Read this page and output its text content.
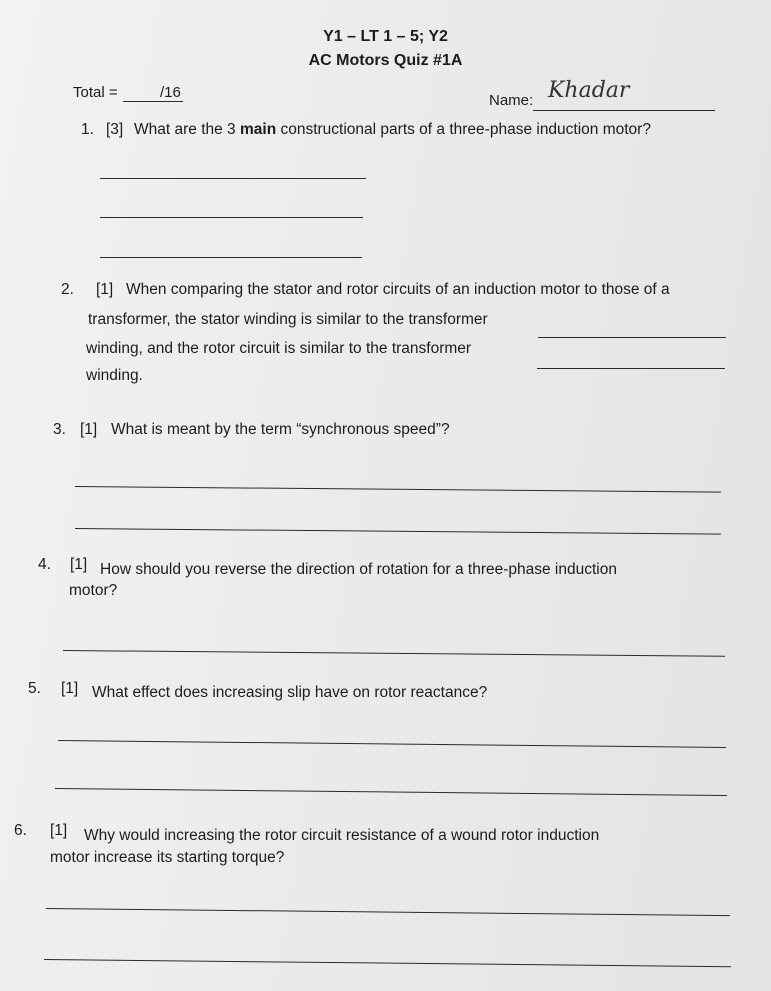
Y1 – LT 1 – 5; Y2
AC Motors Quiz #1A
Total =	/16	Name: Khadar
1. [3] What are the 3 main constructional parts of a three-phase induction motor?
2. [1] When comparing the stator and rotor circuits of an induction motor to those of a
transformer, the stator winding is similar to the transformer
winding, and the rotor circuit is similar to the transformer
winding.
3. [1] What is meant by the term “synchronous speed”?
4. [1] How should you reverse the direction of rotation for a three-phase induction
motor?
5. [1] What effect does increasing slip have on rotor reactance?
6. [1] Why would increasing the rotor circuit resistance of a wound rotor induction
motor increase its starting torque?
